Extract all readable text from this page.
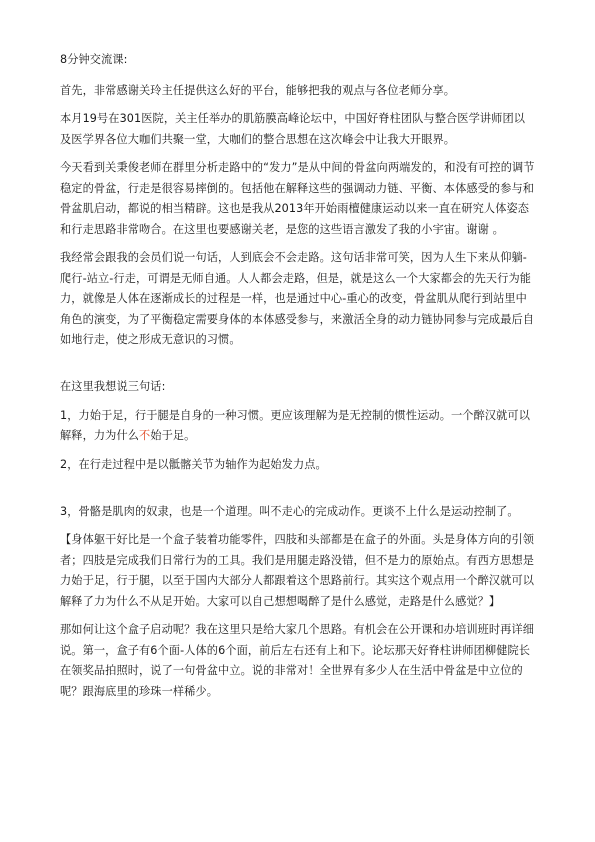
8分钟交流课:

首先，非常感谢关玲主任提供这么好的平台，能够把我的观点与各位老师分享。

本月19号在301医院，关主任举办的肌筋膜高峰论坛中，中国好脊柱团队与整合医学讲师团以及医学界各位大咖们共聚一堂，大咖们的整合思想在这次峰会中让我大开眼界。

今天看到关秉俊老师在群里分析走路中的“发力”是从中间的骨盆向两端发的，和没有可控的调节稳定的骨盆，行走是很容易摔倒的。包括他在解释这些的强调动力链、平衡、本体感受的参与和骨盆肌启动，都说的相当精辟。这也是我从2013年开始雨檀健康运动以来一直在研究人体姿态和行走思路非常吻合。在这里也要感谢关老，是您的这些语言激发了我的小宇宙。谢谢 。

我经常会跟我的会员们说一句话，人到底会不会走路。这句话非常可笑，因为人生下来从仰躺-爬行-站立-行走，可谓是无师自通。人人都会走路，但是，就是这么一个大家都会的先天行为能力，就像是人体在逐渐成长的过程是一样，也是通过中心-重心的改变，骨盆肌从爬行到站里中角色的演变，为了平衡稳定需要身体的本体感受参与，来激活全身的动力链协同参与完成最后自如地行走，使之形成无意识的习惯。

在这里我想说三句话:

1，力始于足，行于腿是自身的一种习惯。更应该理解为是无控制的惯性运动。一个醉汉就可以解释，力为什么不始于足。

2，在行走过程中是以骶髂关节为轴作为起始发力点。

3，骨骼是肌肉的奴隶，也是一个道理。叫不走心的完成动作。更谈不上什么是运动控制了。

【身体躯干好比是一个盒子装着功能零件，四肢和头部都是在盒子的外面。头是身体方向的引领者；四肢是完成我们日常行为的工具。我们是用腿走路没错，但不是力的原始点。有西方思想是力始于足，行于腿，以至于国内大部分人都跟着这个思路前行。其实这个观点用一个醉汉就可以解释了力为什么不从足开始。大家可以自己想想喝醉了是什么感觉，走路是什么感觉？】

那如何让这个盒子启动呢？我在这里只是给大家几个思路。有机会在公开课和办培训班时再详细说。第一，盒子有6个面-人体的6个面，前后左右还有上和下。论坛那天好脊柱讲师团柳健院长在领奖品拍照时，说了一句骨盆中立。说的非常对！全世界有多少人在生活中骨盆是中立位的呢？跟海底里的珍珠一样稀少。
